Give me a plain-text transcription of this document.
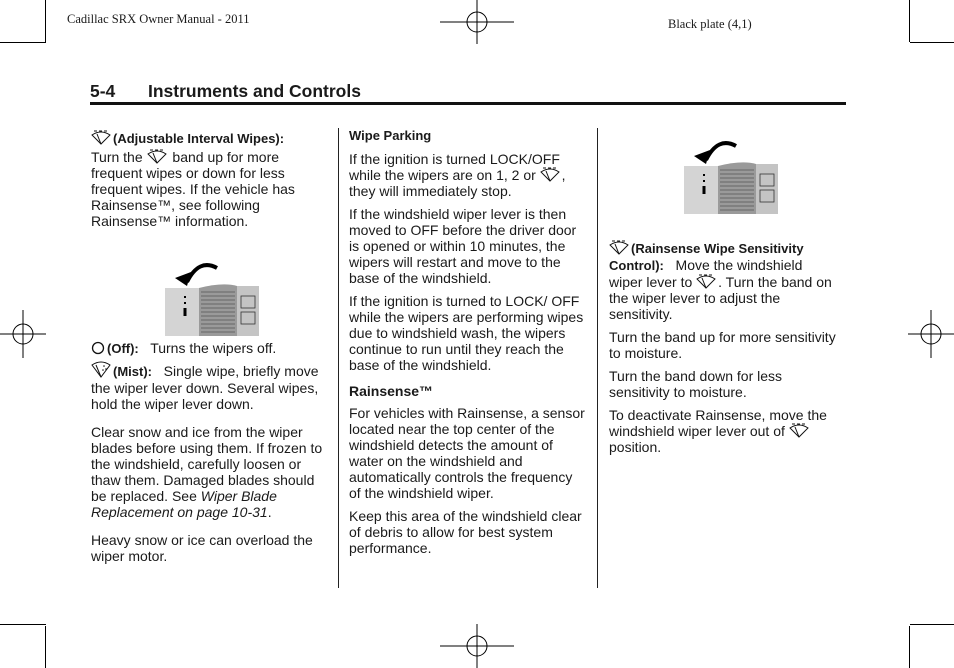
Cadillac SRX Owner Manual - 2011	Black plate (4,1)
5-4 Instruments and Controls

(Adjustable Interval Wipes):

Turn the band up for more frequent wipes or down for less frequent wipes. If the vehicle has Rainsense™, see following Rainsense™ information.

(Off): Turns the wipers off.

(Mist): Single wipe, briefly move the wiper lever down. Several wipes, hold the wiper lever down.

Clear snow and ice from the wiper blades before using them. If frozen to the windshield, carefully loosen or thaw them. Damaged blades should be replaced. See Wiper Blade Replacement on page 10-31.

Heavy snow or ice can overload the wiper motor.

Wipe Parking

If the ignition is turned LOCK/OFF while the wipers are on 1, 2 or , they will immediately stop.

If the windshield wiper lever is then moved to OFF before the driver door is opened or within 10 minutes, the wipers will restart and move to the base of the windshield.

If the ignition is turned to LOCK/ OFF while the wipers are performing wipes due to windshield wash, the wipers continue to run until they reach the base of the windshield.

Rainsense™

For vehicles with Rainsense, a sensor located near the top center of the windshield detects the amount of water on the windshield and automatically controls the frequency of the windshield wiper.

Keep this area of the windshield clear of debris to allow for best system performance.

(Rainsense Wipe Sensitivity Control): Move the windshield wiper lever to . Turn the band on the wiper lever to adjust the sensitivity.

Turn the band up for more sensitivity to moisture.

Turn the band down for less sensitivity to moisture.

To deactivate Rainsense, move the windshield wiper lever out of  position.
